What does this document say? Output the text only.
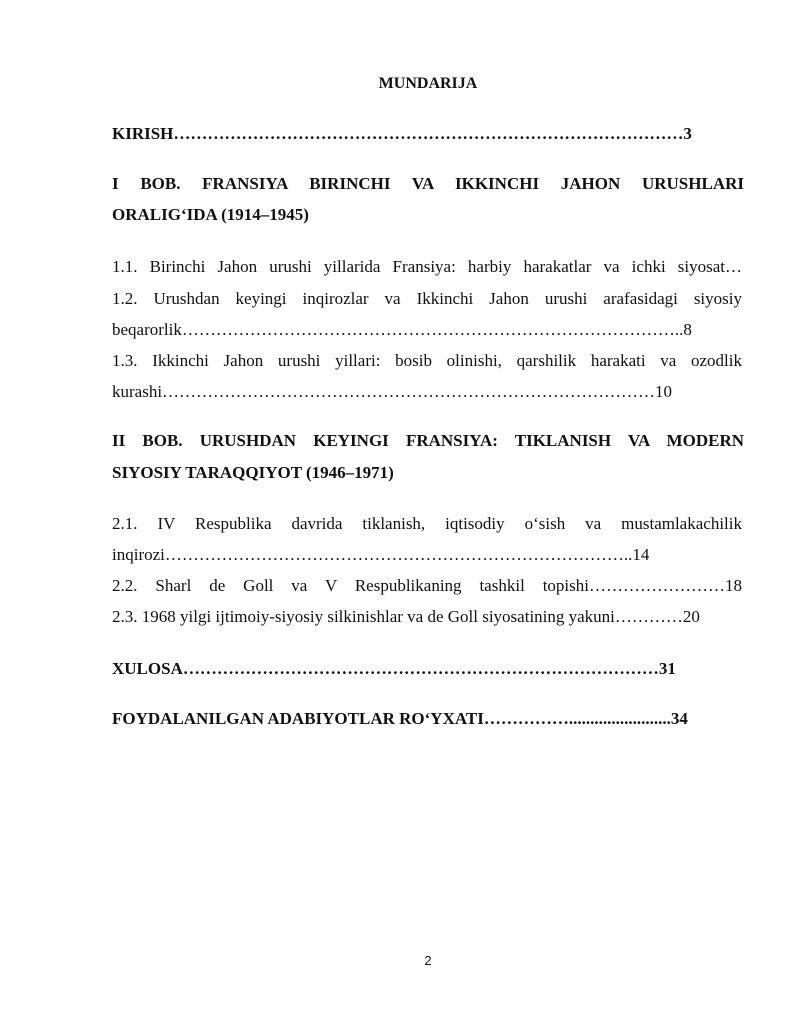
MUNDARIJA
KIRISH………………………………………………………………………………3
I BOB. FRANSIYA BIRINCHI VA IKKINCHI JAHON URUSHLARI
ORALIG‘IDA (1914–1945)
1.1. Birinchi Jahon urushi yillarida Fransiya: harbiy harakatlar va ichki siyosat…
1.2. Urushdan keyingi inqirozlar va Ikkinchi Jahon urushi arafasidagi siyosiy
beqarorlik……………………………………………………………………………..8
1.3. Ikkinchi Jahon urushi yillari: bosib olinishi, qarshilik harakati va ozodlik
kurashi……………………………………………………………………………10
II BOB. URUSHDAN KEYINGI FRANSIYA: TIKLANISH VA MODERN
SIYOSIY TARAQQIYOT (1946–1971)
2.1. IV Respublika davrida tiklanish, iqtisodiy o‘sish va mustamlakachilik
inqirozi………………………………………………………………………..14
2.2. Sharl de Goll va V Respublikaning tashkil topishi……………………18
2.3. 1968 yilgi ijtimoiy-siyosiy silkinishlar va de Goll siyosatining yakuni…………20
XULOSA…………………………………………………………………………31
FOYDALANILGAN ADABIYOTLAR RO‘YXATI……………........................34
2
